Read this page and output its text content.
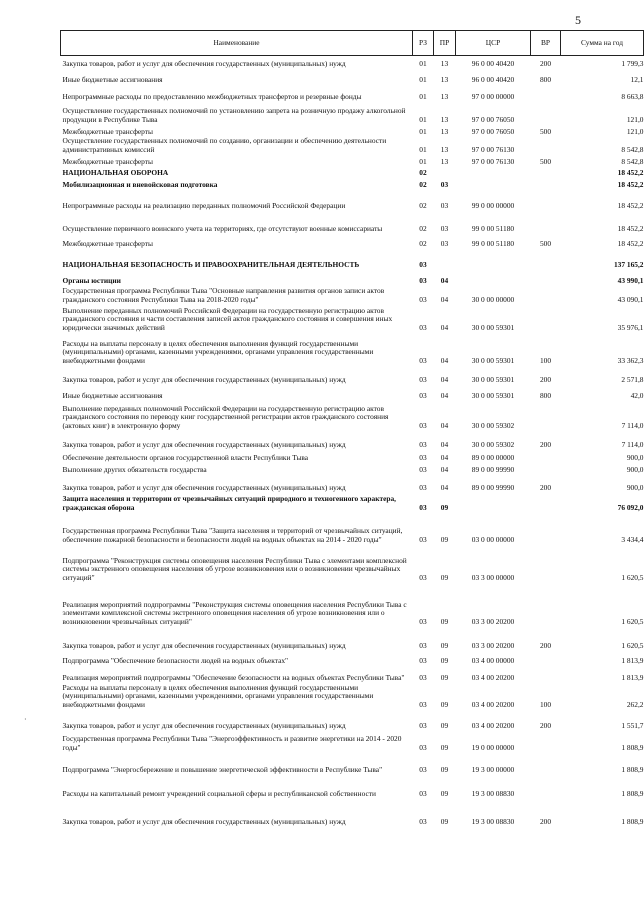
5
Наименование	РЗ	ПР	ЦСР	ВР	Сумма на год
Закупка товаров, работ и услуг для обеспечения государственных (муниципальных) нужд	01	13	96 0 00 40420	200	1 799,3
Иные бюджетные ассигнования	01	13	96 0 00 40420	800	12,1
Непрограммные расходы по предоставлению межбюджетных трансфертов и резервные фонды	01	13	97 0 00 00000		8 663,8
Осуществление государственных полномочий по установлению запрета на розничную продажу алкогольной продукции в Республике Тыва	01	13	97 0 00 76050		121,0
Межбюджетные трансферты	01	13	97 0 00 76050	500	121,0
Осуществление государственных полномочий по созданию, организации и обеспечению деятельности административных комиссий	01	13	97 0 00 76130		8 542,8
Межбюджетные трансферты	01	13	97 0 00 76130	500	8 542,8
НАЦИОНАЛЬНАЯ ОБОРОНА	02				18 452,2
Мобилизационная и вневойсковая подготовка	02	03			18 452,2
Непрограммные расходы на реализацию переданных полномочий Российской Федерации	02	03	99 0 00 00000		18 452,2
Осуществление первичного воинского учета на территориях, где отсутствуют военные комиссариаты	02	03	99 0 00 51180		18 452,2
Межбюджетные трансферты	02	03	99 0 00 51180	500	18 452,2
НАЦИОНАЛЬНАЯ БЕЗОПАСНОСТЬ И ПРАВООХРАНИТЕЛЬНАЯ ДЕЯТЕЛЬНОСТЬ	03				137 165,2
Органы юстиции	03	04			43 990,1
Государственная программа Республики Тыва "Основные направления развития органов записи актов гражданского состояния Республики Тыва на 2018-2020 годы"	03	04	30 0 00 00000		43 090,1
Выполнение переданных полномочий Российской Федерации на государственную регистрацию актов гражданского состояния и части составления записей актов гражданского состояния и совершения иных юридически значимых действий	03	04	30 0 00 59301		35 976,1
Расходы на выплаты персоналу в целях обеспечения выполнения функций государственными (муниципальными) органами, казенными учреждениями, органами управления государственными внебюджетными фондами	03	04	30 0 00 59301	100	33 362,3
Закупка товаров, работ и услуг для обеспечения государственных (муниципальных) нужд	03	04	30 0 00 59301	200	2 571,8
Иные бюджетные ассигнования	03	04	30 0 00 59301	800	42,0
Выполнение переданных полномочий Российской Федерации на государственную регистрацию актов гражданского состояния по переводу книг государственной регистрации актов гражданского состояния (актовых книг) в электронную форму	03	04	30 0 00 59302		7 114,0
Закупка товаров, работ и услуг для обеспечения государственных (муниципальных) нужд	03	04	30 0 00 59302	200	7 114,0
Обеспечение деятельности органов государственной власти Республики Тыва	03	04	89 0 00 00000		900,0
Выполнение других обязательств государства	03	04	89 0 00 99990		900,0
Закупка товаров, работ и услуг для обеспечения государственных (муниципальных) нужд	03	04	89 0 00 99990	200	900,0
Защита населения и территории от чрезвычайных ситуаций природного и техногенного характера, гражданская оборона	03	09			76 092,0
Государственная программа Республики Тыва "Защита населения и территорий от чрезвычайных ситуаций, обеспечение пожарной безопасности и безопасности людей на водных объектах на 2014 - 2020 годы"	03	09	03 0 00 00000		3 434,4
Подпрограмма "Реконструкция системы оповещения населения Республики Тыва с элементами комплексной системы экстренного оповещения населения об угрозе возникновения или о возникновении чрезвычайных ситуаций"	03	09	03 3 00 00000		1 620,5
Реализация мероприятий подпрограммы "Реконструкция системы оповещения населения Республики Тыва с элементами комплексной системы экстренного оповещения населения об угрозе возникновения или о возникновении чрезвычайных ситуаций"	03	09	03 3 00 20200		1 620,5
Закупка товаров, работ и услуг для обеспечения государственных (муниципальных) нужд	03	09	03 3 00 20200	200	1 620,5
Подпрограмма "Обеспечение безопасности людей на водных объектах"	03	09	03 4 00 00000		1 813,9
Реализация мероприятий подпрограммы "Обеспечение безопасности на водных объектах Республики Тыва"	03	09	03 4 00 20200		1 813,9
Расходы на выплаты персоналу в целях обеспечения выполнения функций государственными (муниципальными) органами, казенными учреждениями, органами управления государственными внебюджетными фондами	03	09	03 4 00 20200	100	262,2
Закупка товаров, работ и услуг для обеспечения государственных (муниципальных) нужд	03	09	03 4 00 20200	200	1 551,7
Государственная программа Республики Тыва "Энергоэффективность и развитие энергетики на 2014 - 2020 годы"	03	09	19 0 00 00000		1 808,9
Подпрограмма "Энергосбережение и повышение энергетической эффективности в Республике Тыва"	03	09	19 3 00 00000		1 808,9
Расходы на капитальный ремонт учреждений социальной сферы и республиканской собственности	03	09	19 3 00 08830		1 808,9
Закупка товаров, работ и услуг для обеспечения государственных (муниципальных) нужд	03	09	19 3 00 08830	200	1 808,9
·
